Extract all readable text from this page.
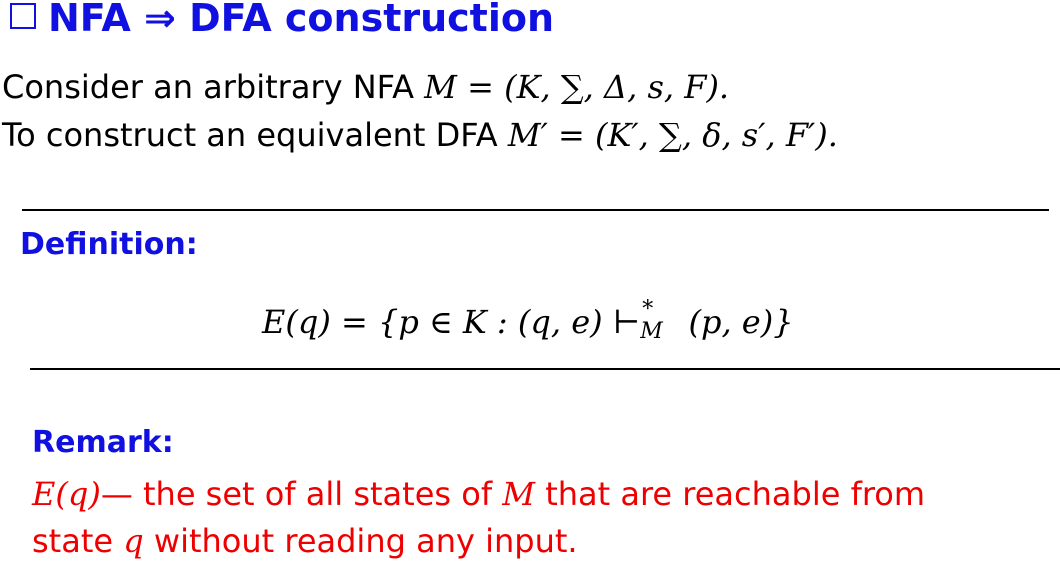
NFA ⇒ DFA construction
Consider an arbitrary NFA M = (K, ∑, Δ, s, F).
To construct an equivalent DFA M′ = (K′, ∑, δ, s′, F′).
Definition:
E(q) = {p ∈ K : (q, e) ⊢ *
M (p, e)}
Remark:
E(q)— the set of all states of M that are reachable from
state q without reading any input.
